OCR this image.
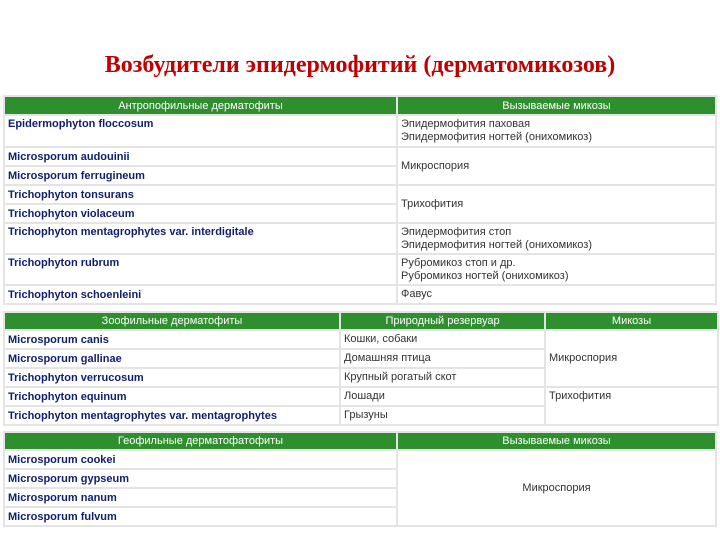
Возбудители эпидермофитий (дерматомикозов)
Антропофильные дерматофиты	Вызываемые микозы
Epidermophyton floccosum	Эпидермофития паховая
Эпидермофития ногтей (онихомикоз)

Microsporum audouinii	Микроспория
Microsporum ferrugineum	
Trichophyton tonsurans	Трихофития
Trichophyton violaceum	
Trichophyton mentagrophytes var. interdigitale	Эпидермофития стоп
Эпидермофития ногтей (онихомикоз)

Trichophyton rubrum	Рубромикоз стоп и др.
Рубромикоз ногтей (онихомикоз)

Trichophyton schoenleini	Фавус
Зоофильные дерматофиты	Природный резервуар	Микозы
Microsporum canis	Кошки, собаки	Микроспория
Microsporum gallinae	Домашняя птица	
Trichophyton verrucosum	Крупный рогатый скот	
Trichophyton equinum	Лошади	Трихофития
Trichophyton mentagrophytes var. mentagrophytes	Грызуны	
Геофильные дерматофатофиты	Вызываемые микозы
Microsporum cookei	Микроспория
Microsporum gypseum	
Microsporum nanum	
Microsporum fulvum	
